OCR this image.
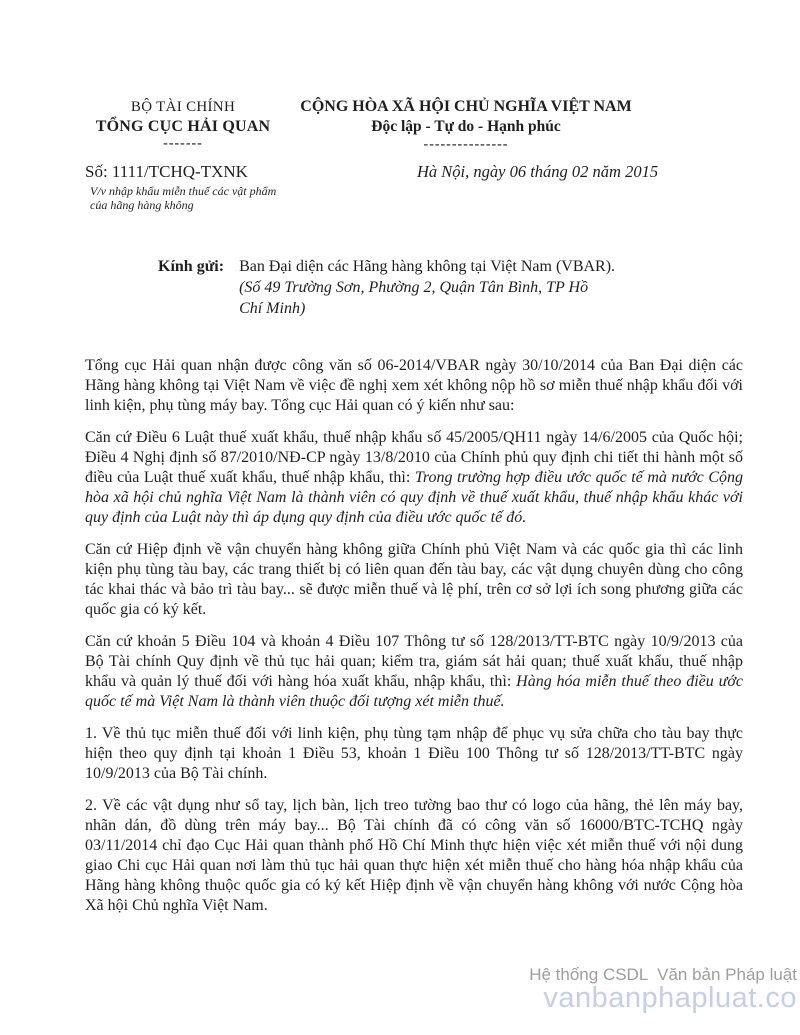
BỘ TÀI CHÍNH
TỔNG CỤC HẢI QUAN
-------
CỘNG HÒA XÃ HỘI CHỦ NGHĨA VIỆT NAM
Độc lập - Tự do - Hạnh phúc
---------------
Số: 1111/TCHQ-TXNK	Hà Nội, ngày 06 tháng 02 năm 2015
V/v nhập khẩu miễn thuế các vật phẩm của hãng hàng không
Kính gửi: Ban Đại diện các Hãng hàng không tại Việt Nam (VBAR).
(Số 49 Trường Sơn, Phường 2, Quận Tân Bình, TP Hồ Chí Minh)

Tổng cục Hải quan nhận được công văn số 06-2014/VBAR ngày 30/10/2014 của Ban Đại diện các Hãng hàng không tại Việt Nam về việc đề nghị xem xét không nộp hồ sơ miễn thuế nhập khẩu đối với linh kiện, phụ tùng máy bay. Tổng cục Hải quan có ý kiến như sau:

Căn cứ Điều 6 Luật thuế xuất khẩu, thuế nhập khẩu số 45/2005/QH11 ngày 14/6/2005 của Quốc hội; Điều 4 Nghị định số 87/2010/NĐ-CP ngày 13/8/2010 của Chính phủ quy định chi tiết thi hành một số điều của Luật thuế xuất khẩu, thuế nhập khẩu, thì: Trong trường hợp điều ước quốc tế mà nước Cộng hòa xã hội chủ nghĩa Việt Nam là thành viên có quy định về thuế xuất khẩu, thuế nhập khẩu khác với quy định của Luật này thì áp dụng quy định của điều ước quốc tế đó.

Căn cứ Hiệp định về vận chuyển hàng không giữa Chính phủ Việt Nam và các quốc gia thì các linh kiện phụ tùng tàu bay, các trang thiết bị có liên quan đến tàu bay, các vật dụng chuyên dùng cho công tác khai thác và bảo trì tàu bay... sẽ được miễn thuế và lệ phí, trên cơ sở lợi ích song phương giữa các quốc gia có ký kết.

Căn cứ khoản 5 Điều 104 và khoản 4 Điều 107 Thông tư số 128/2013/TT-BTC ngày 10/9/2013 của Bộ Tài chính Quy định về thủ tục hải quan; kiểm tra, giám sát hải quan; thuế xuất khẩu, thuế nhập khẩu và quản lý thuế đối với hàng hóa xuất khẩu, nhập khẩu, thì: Hàng hóa miễn thuế theo điều ước quốc tế mà Việt Nam là thành viên thuộc đối tượng xét miễn thuế.

1. Về thủ tục miễn thuế đối với linh kiện, phụ tùng tạm nhập để phục vụ sửa chữa cho tàu bay thực hiện theo quy định tại khoản 1 Điều 53, khoản 1 Điều 100 Thông tư số 128/2013/TT-BTC ngày 10/9/2013 của Bộ Tài chính.

2. Về các vật dụng như sổ tay, lịch bàn, lịch treo tường bao thư có logo của hãng, thẻ lên máy bay, nhãn dán, đồ dùng trên máy bay... Bộ Tài chính đã có công văn số 16000/BTC-TCHQ ngày 03/11/2014 chỉ đạo Cục Hải quan thành phố Hồ Chí Minh thực hiện việc xét miễn thuế với nội dung giao Chi cục Hải quan nơi làm thủ tục hải quan thực hiện xét miễn thuế cho hàng hóa nhập khẩu của Hãng hàng không thuộc quốc gia có ký kết Hiệp định về vận chuyển hàng không với nước Cộng hòa Xã hội Chủ nghĩa Việt Nam.

Hệ thống CSDL  Văn bản Pháp luật
vanbanphapluat.co
